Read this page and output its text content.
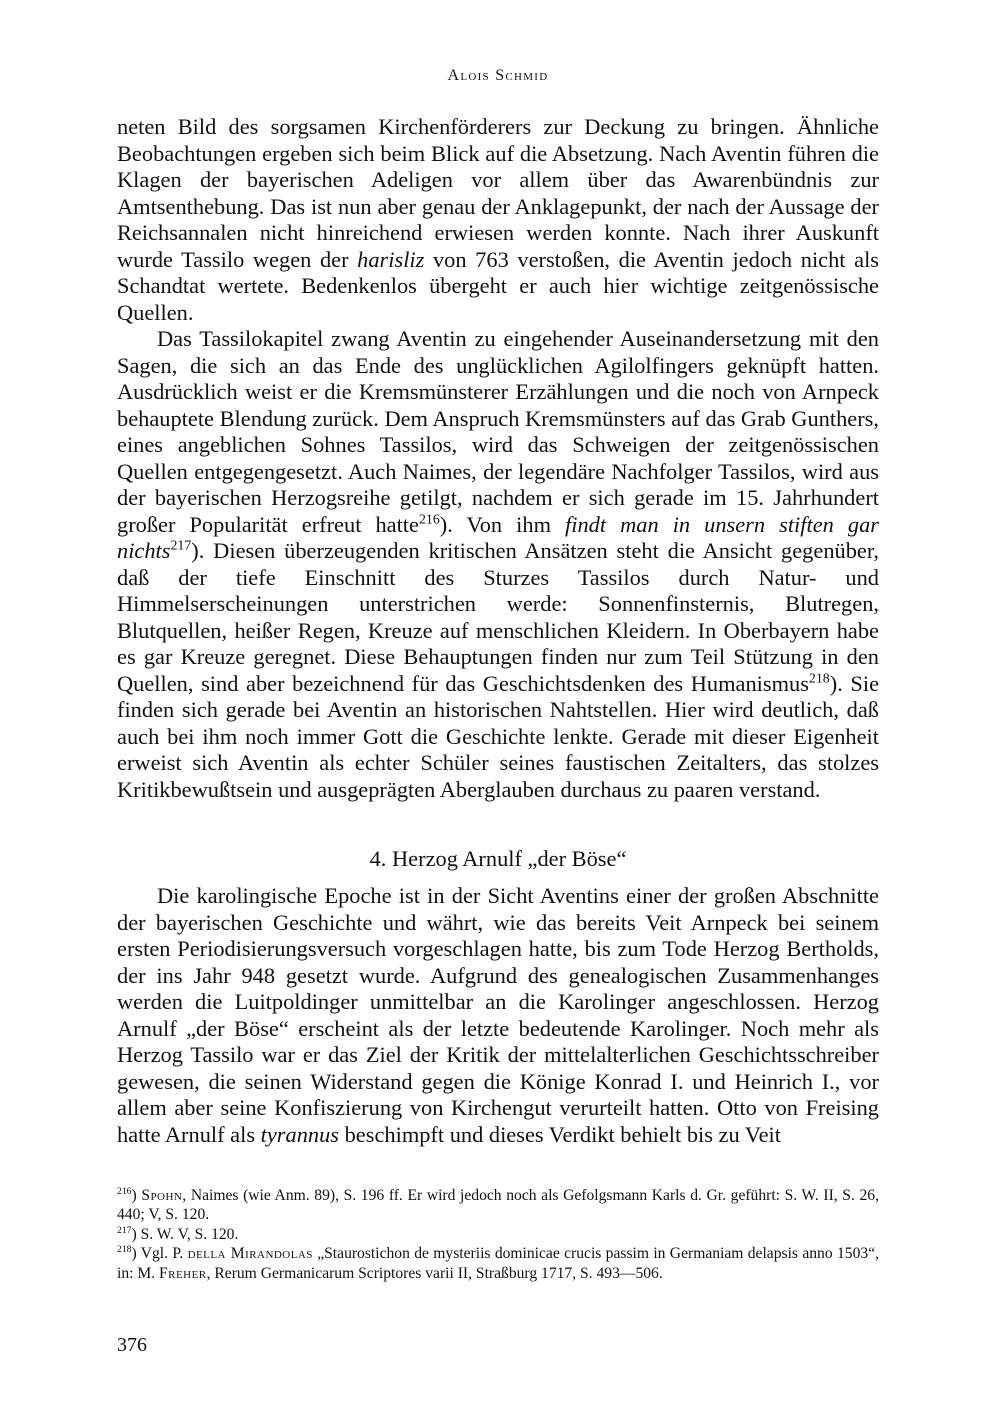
Alois Schmid

neten Bild des sorgsamen Kirchenförderers zur Deckung zu bringen. Ähnliche Beobachtungen ergeben sich beim Blick auf die Absetzung. Nach Aventin führen die Klagen der bayerischen Adeligen vor allem über das Awarenbündnis zur Amtsenthebung. Das ist nun aber genau der Anklagepunkt, der nach der Aussage der Reichsannalen nicht hinreichend erwiesen werden konnte. Nach ihrer Auskunft wurde Tassilo wegen der harisliz von 763 verstoßen, die Aventin jedoch nicht als Schandtat wertete. Bedenkenlos übergeht er auch hier wichtige zeitgenössische Quellen.

Das Tassilokapitel zwang Aventin zu eingehender Auseinandersetzung mit den Sagen, die sich an das Ende des unglücklichen Agilolfingers geknüpft hatten. Ausdrücklich weist er die Kremsmünsterer Erzählungen und die noch von Arnpeck behauptete Blendung zurück. Dem Anspruch Kremsmünsters auf das Grab Gunthers, eines angeblichen Sohnes Tassilos, wird das Schweigen der zeitgenössischen Quellen entgegengesetzt. Auch Naimes, der legendäre Nachfolger Tassilos, wird aus der bayerischen Herzogsreihe getilgt, nachdem er sich gerade im 15. Jahrhundert großer Popularität erfreut hatte$^{216}$). Von ihm findt man in unsern stiften gar nichts$^{217}$). Diesen überzeugenden kritischen Ansätzen steht die Ansicht gegenüber, daß der tiefe Einschnitt des Sturzes Tassilos durch Natur- und Himmelserscheinungen unterstrichen werde: Sonnenfinsternis, Blutregen, Blutquellen, heißer Regen, Kreuze auf menschlichen Kleidern. In Oberbayern habe es gar Kreuze geregnet. Diese Behauptungen finden nur zum Teil Stützung in den Quellen, sind aber bezeichnend für das Geschichtsdenken des Humanismus$^{218}$). Sie finden sich gerade bei Aventin an historischen Nahtstellen. Hier wird deutlich, daß auch bei ihm noch immer Gott die Geschichte lenkte. Gerade mit dieser Eigenheit erweist sich Aventin als echter Schüler seines faustischen Zeitalters, das stolzes Kritikbewußtsein und ausgeprägten Aberglauben durchaus zu paaren verstand.

4. Herzog Arnulf „der Böse“

Die karolingische Epoche ist in der Sicht Aventins einer der großen Abschnitte der bayerischen Geschichte und währt, wie das bereits Veit Arnpeck bei seinem ersten Periodisierungsversuch vorgeschlagen hatte, bis zum Tode Herzog Bertholds, der ins Jahr 948 gesetzt wurde. Aufgrund des genealogischen Zusammenhanges werden die Luitpoldinger unmittelbar an die Karolinger angeschlossen. Herzog Arnulf „der Böse“ erscheint als der letzte bedeutende Karolinger. Noch mehr als Herzog Tassilo war er das Ziel der Kritik der mittelalterlichen Geschichtsschreiber gewesen, die seinen Widerstand gegen die Könige Konrad I. und Heinrich I., vor allem aber seine Konfiszierung von Kirchengut verurteilt hatten. Otto von Freising hatte Arnulf als tyrannus beschimpft und dieses Verdikt behielt bis zu Veit

$^{216}$) Spohn, Naimes (wie Anm. 89), S. 196 ff. Er wird jedoch noch als Gefolgsmann Karls d. Gr. geführt: S. W. II, S. 26, 440; V, S. 120.

$^{217}$) S. W. V, S. 120.

$^{218}$) Vgl. P. della Mirandolas „Staurostichon de mysteriis dominicae crucis passim in Germaniam delapsis anno 1503“, in: M. Freher, Rerum Germanicarum Scriptores varii II, Straßburg 1717, S. 493—506.

376
